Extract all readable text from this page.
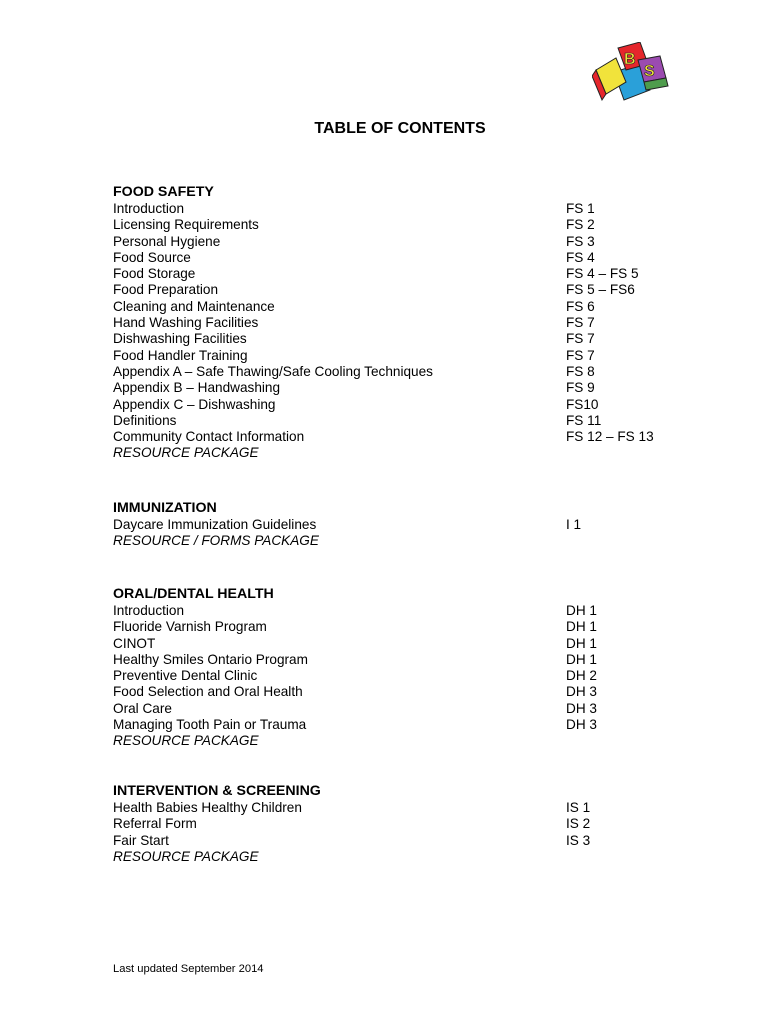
B
S
TABLE OF CONTENTS
FOOD SAFETY
Introduction	FS 1
Licensing Requirements	FS 2
Personal Hygiene	FS 3
Food Source	FS 4
Food Storage	FS 4 – FS 5
Food Preparation	FS 5 – FS6
Cleaning and Maintenance	FS 6
Hand Washing Facilities	FS 7
Dishwashing Facilities	FS 7
Food Handler Training	FS 7
Appendix A – Safe Thawing/Safe Cooling Techniques	FS 8
Appendix B – Handwashing	FS 9
Appendix C – Dishwashing	FS10
Definitions	FS 11
Community Contact Information	FS 12 – FS 13
RESOURCE PACKAGE
IMMUNIZATION
Daycare Immunization Guidelines	I 1
RESOURCE / FORMS PACKAGE
ORAL/DENTAL HEALTH
Introduction	DH 1
Fluoride Varnish Program	DH 1
CINOT	DH 1
Healthy Smiles Ontario Program	DH 1
Preventive Dental Clinic	DH 2
Food Selection and Oral Health	DH 3
Oral Care	DH 3
Managing Tooth Pain or Trauma	DH 3
RESOURCE PACKAGE
INTERVENTION & SCREENING
Health Babies Healthy Children	IS 1
Referral Form	IS 2
Fair Start	IS 3
RESOURCE PACKAGE
Last updated September 2014
